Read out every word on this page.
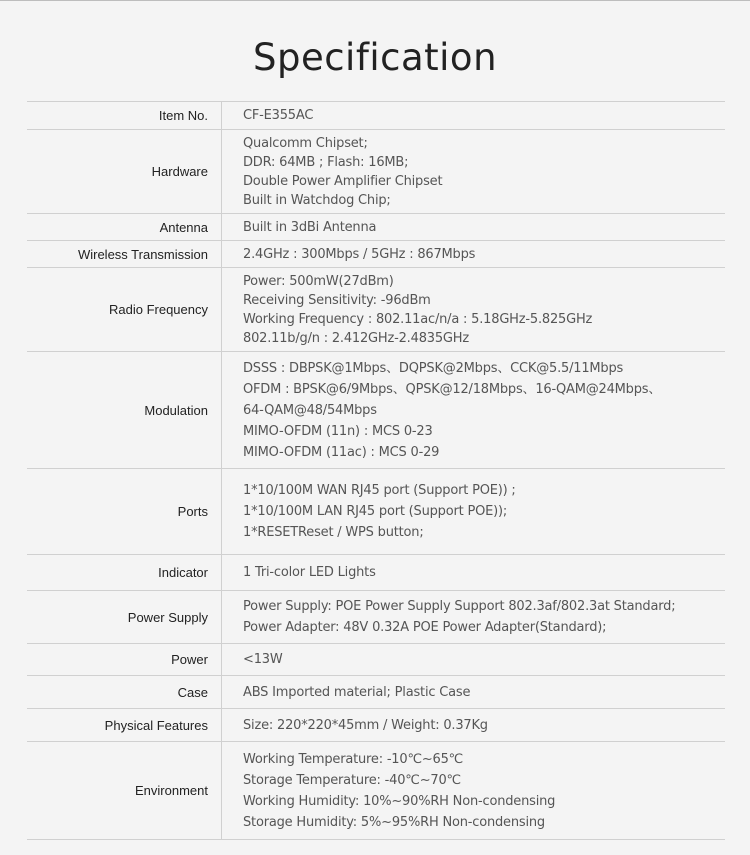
Specification
Item No.	CF-E355AC

Hardware	Qualcomm Chipset;
DDR: 64MB ; Flash: 16MB;
Double Power Amplifier Chipset
Built in Watchdog Chip;

Antenna	Built in 3dBi Antenna

Wireless Transmission	2.4GHz : 300Mbps / 5GHz : 867Mbps

Radio Frequency	Power: 500mW(27dBm)
Receiving Sensitivity: -96dBm
Working Frequency : 802.11ac/n/a : 5.18GHz-5.825GHz
802.11b/g/n : 2.412GHz-2.4835GHz

Modulation	DSSS : DBPSK@1Mbps、DQPSK@2Mbps、CCK@5.5/11Mbps
OFDM : BPSK@6/9Mbps、QPSK@12/18Mbps、16-QAM@24Mbps、
64-QAM@48/54Mbps
MIMO-OFDM (11n) : MCS 0-23
MIMO-OFDM (11ac) : MCS 0-29

Ports	1*10/100M WAN RJ45 port (Support POE)) ;
1*10/100M LAN RJ45 port (Support POE));
1*RESETReset / WPS button;

Indicator	1 Tri-color LED Lights

Power Supply	Power Supply: POE Power Supply Support 802.3af/802.3at Standard;
Power Adapter: 48V 0.32A POE Power Adapter(Standard);

Power	<13W

Case	ABS Imported material; Plastic Case

Physical Features	Size: 220*220*45mm / Weight: 0.37Kg

Environment	Working Temperature: -10℃~65℃
Storage Temperature: -40℃~70℃
Working Humidity: 10%~90%RH Non-condensing
Storage Humidity: 5%~95%RH Non-condensing
